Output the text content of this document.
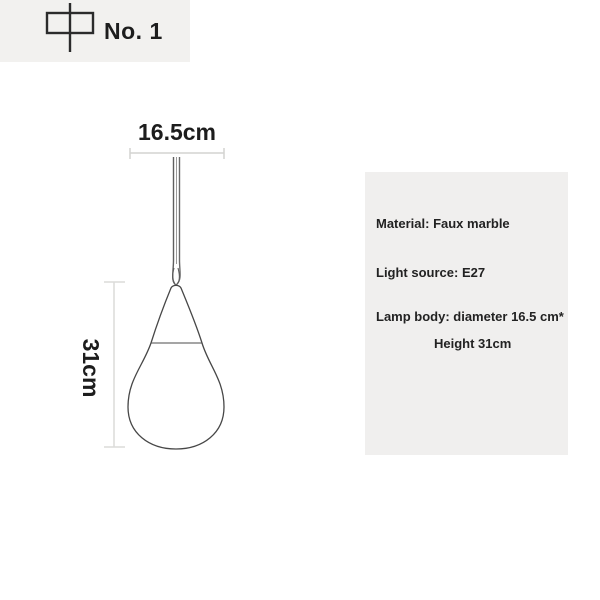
No. 1
16.5cm
31cm
Material: Faux marble
Light source: E27
Lamp body: diameter 16.5 cm*
Height 31cm
